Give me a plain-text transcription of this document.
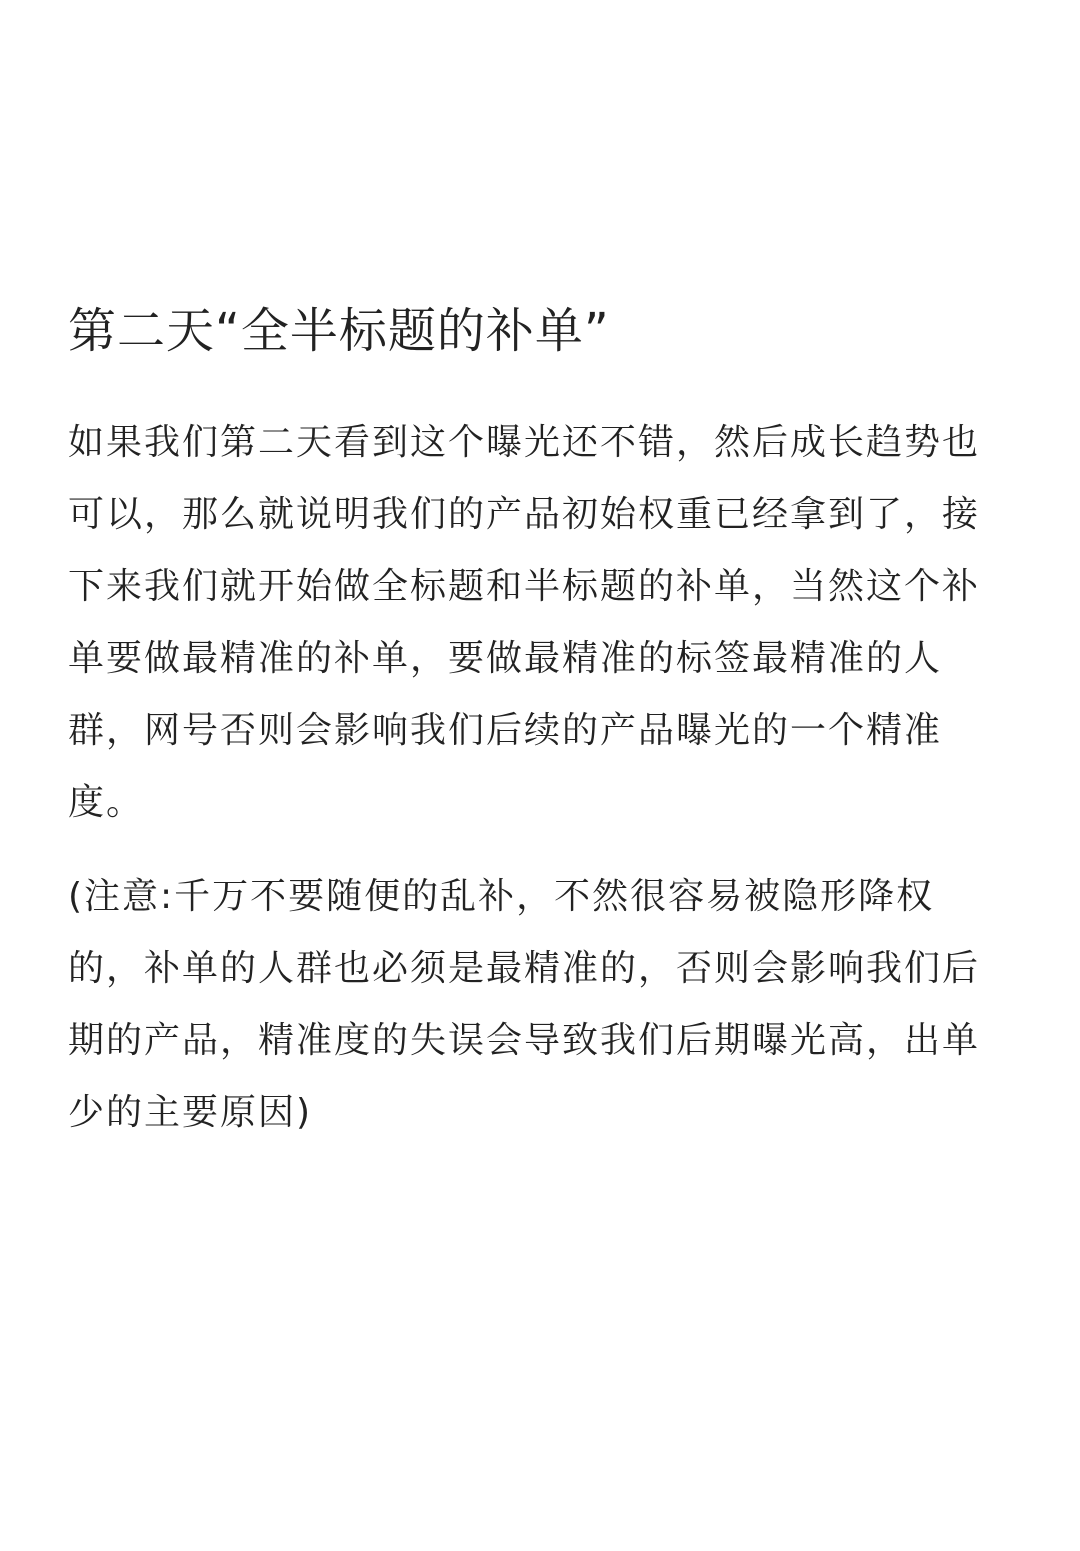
第二天“全半标题的补单”

如果我们第二天看到这个曝光还不错，然后成长趋势也可以，那么就说明我们的产品初始权重已经拿到了，接下来我们就开始做全标题和半标题的补单，当然这个补单要做最精准的补单，要做最精准的标签最精准的人群，网号否则会影响我们后续的产品曝光的一个精准度。

(注意:千万不要随便的乱补，不然很容易被隐形降权的，补单的人群也必须是最精准的，否则会影响我们后期的产品，精准度的失误会导致我们后期曝光高，出单少的主要原因)
